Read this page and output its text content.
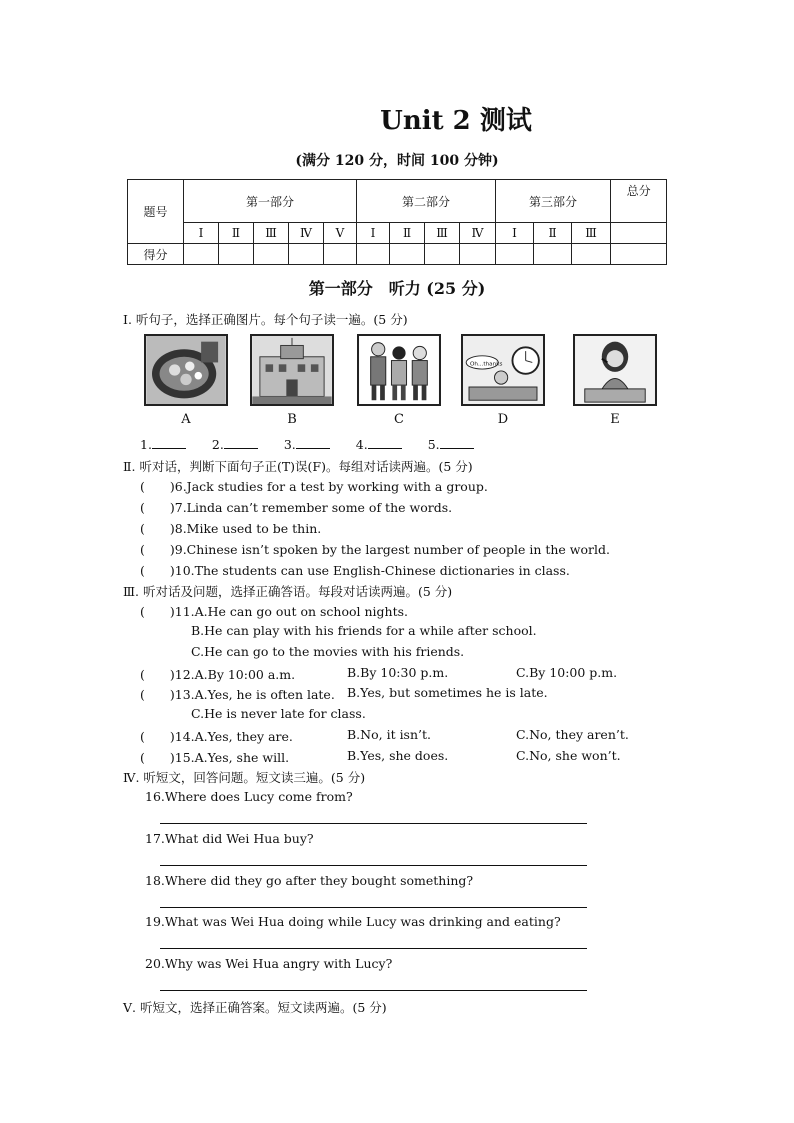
Unit 2 测试
(满分 120 分，时间 100 分钟)
题号	第一部分					第二部分				第三部分			总分
	Ⅰ	Ⅱ	Ⅲ	Ⅳ	Ⅴ	Ⅰ	Ⅱ	Ⅲ	Ⅳ	Ⅰ	Ⅱ	Ⅲ	
得分													
第一部分　听力 (25 分)
Ⅰ. 听句子，选择正确图片。每个句子读一遍。(5 分)
Oh...thanks
A	B	C	D	E
1.	2.	3.	4.	5.
Ⅱ. 听对话，判断下面句子正(T)误(F)。每组对话读两遍。(5 分)
(　　)6.Jack studies for a test by working with a group.
(　　)7.Linda can’t remember some of the words.
(　　)8.Mike used to be thin.
(　　)9.Chinese isn’t spoken by the largest number of people in the world.
(　　)10.The students can use English-Chinese dictionaries in class.
Ⅲ. 听对话及问题，选择正确答语。每段对话读两遍。(5 分)
(　　)11.A.He can go out on school nights.
B.He can play with his friends for a while after school.
C.He can go to the movies with his friends.
(　　)12.A.By 10:00 a.m.	B.By 10:30 p.m.	C.By 10:00 p.m.
(　　)13.A.Yes, he is often late. B.Yes, but sometimes he is late.
C.He is never late for class.
(　　)14.A.Yes, they are.	B.No, it isn’t.	C.No, they aren’t.
(　　)15.A.Yes, she will.	B.Yes, she does.	C.No, she won’t.
Ⅳ. 听短文，回答问题。短文读三遍。(5 分)
16.Where does Lucy come from?
17.What did Wei Hua buy?
18.Where did they go after they bought something?
19.What was Wei Hua doing while Lucy was drinking and eating?
20.Why was Wei Hua angry with Lucy?
Ⅴ. 听短文，选择正确答案。短文读两遍。(5 分)
